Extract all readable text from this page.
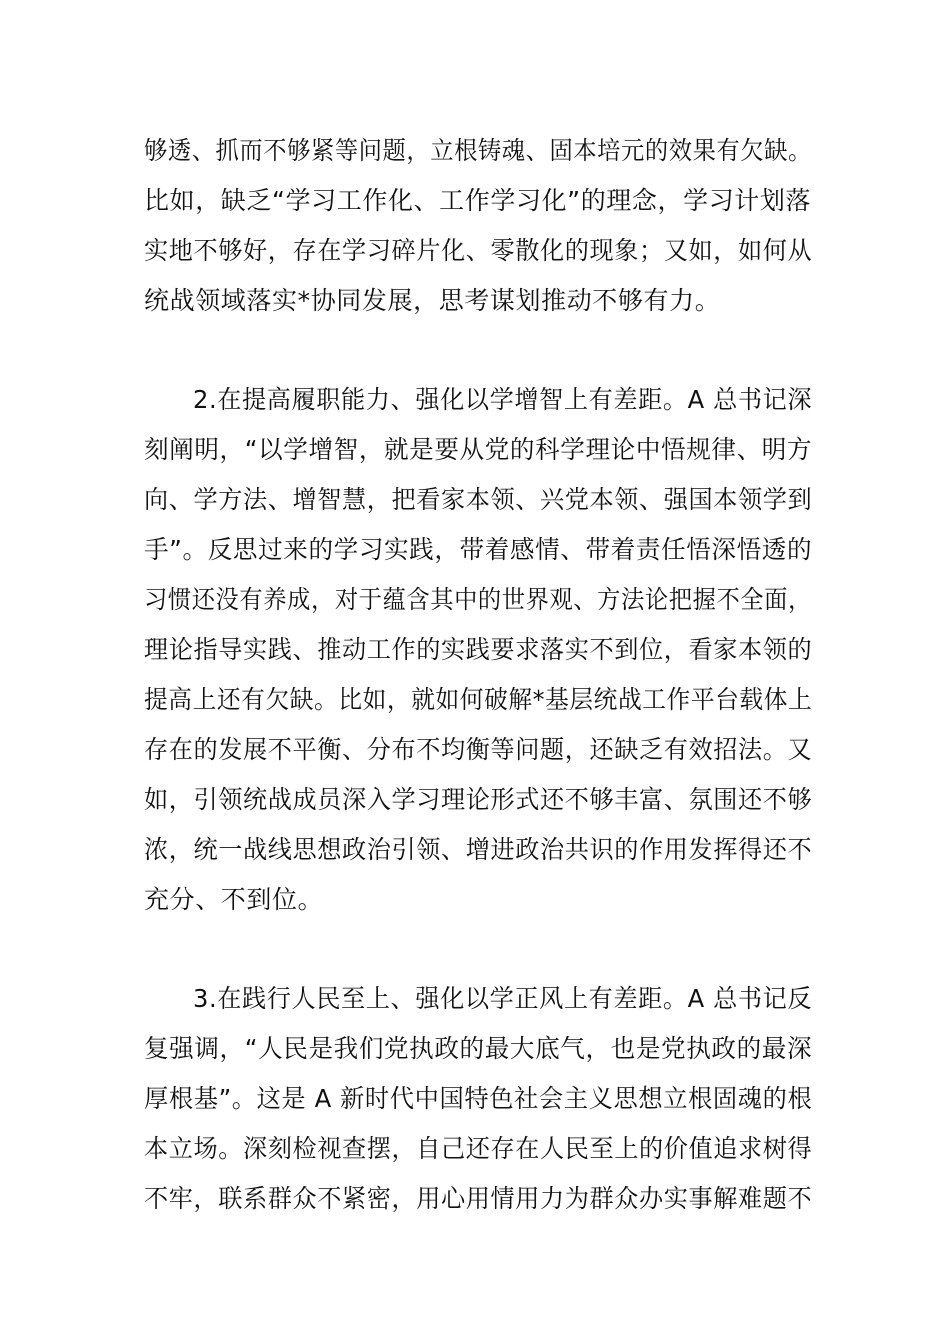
够透、抓而不够紧等问题，立根铸魂、固本培元的效果有欠缺。
比如，缺乏“学习工作化、工作学习化”的理念，学习计划落
实地不够好，存在学习碎片化、零散化的现象；又如，如何从
统战领域落实*协同发展，思考谋划推动不够有力。
2.在提高履职能力、强化以学增智上有差距。A 总书记深
刻阐明，“以学增智，就是要从党的科学理论中悟规律、明方
向、学方法、增智慧，把看家本领、兴党本领、强国本领学到
手”。反思过来的学习实践，带着感情、带着责任悟深悟透的
习惯还没有养成，对于蕴含其中的世界观、方法论把握不全面，
理论指导实践、推动工作的实践要求落实不到位，看家本领的
提高上还有欠缺。比如，就如何破解*基层统战工作平台载体上
存在的发展不平衡、分布不均衡等问题，还缺乏有效招法。又
如，引领统战成员深入学习理论形式还不够丰富、氛围还不够
浓，统一战线思想政治引领、增进政治共识的作用发挥得还不
充分、不到位。
3.在践行人民至上、强化以学正风上有差距。A 总书记反
复强调，“人民是我们党执政的最大底气，也是党执政的最深
厚根基”。这是 A 新时代中国特色社会主义思想立根固魂的根
本立场。深刻检视查摆，自己还存在人民至上的价值追求树得
不牢，联系群众不紧密，用心用情用力为群众办实事解难题不
